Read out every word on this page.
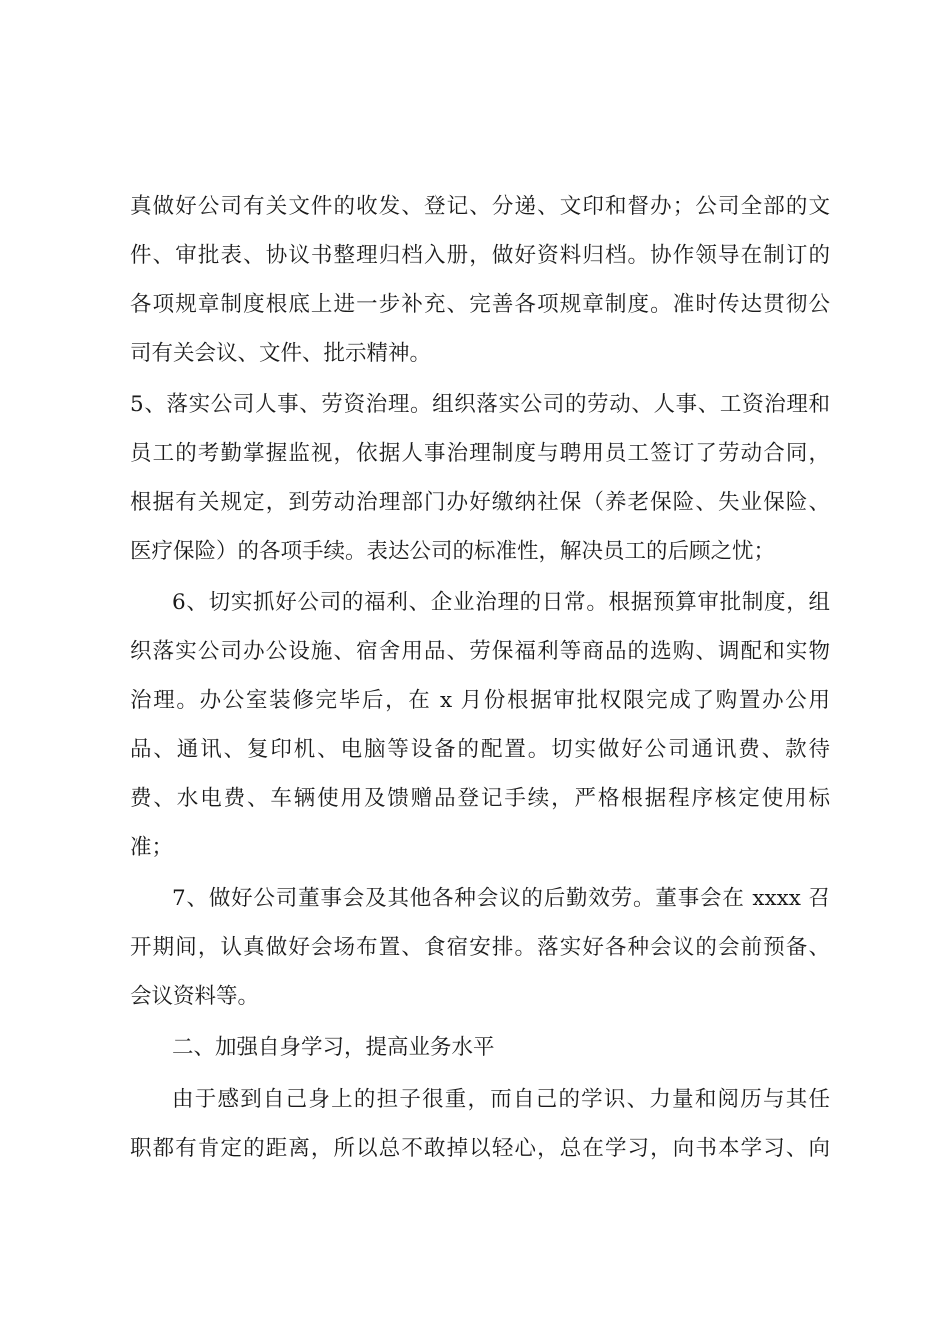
真做好公司有关文件的收发、登记、分递、文印和督办；公司全部的文
件、审批表、协议书整理归档入册，做好资料归档。协作领导在制订的
各项规章制度根底上进一步补充、完善各项规章制度。准时传达贯彻公
司有关会议、文件、批示精神。
5、落实公司人事、劳资治理。组织落实公司的劳动、人事、工资治理和
员工的考勤掌握监视，依据人事治理制度与聘用员工签订了劳动合同，
根据有关规定，到劳动治理部门办好缴纳社保（养老保险、失业保险、
医疗保险）的各项手续。表达公司的标准性，解决员工的后顾之忧；
6、切实抓好公司的福利、企业治理的日常。根据预算审批制度，组
织落实公司办公设施、宿舍用品、劳保福利等商品的选购、调配和实物
治理。办公室装修完毕后，在 x 月份根据审批权限完成了购置办公用
品、通讯、复印机、电脑等设备的配置。切实做好公司通讯费、款待
费、水电费、车辆使用及馈赠品登记手续，严格根据程序核定使用标
准；
7、做好公司董事会及其他各种会议的后勤效劳。董事会在 xxxx 召
开期间，认真做好会场布置、食宿安排。落实好各种会议的会前预备、
会议资料等。
二、加强自身学习，提高业务水平
由于感到自己身上的担子很重，而自己的学识、力量和阅历与其任
职都有肯定的距离，所以总不敢掉以轻心，总在学习，向书本学习、向
